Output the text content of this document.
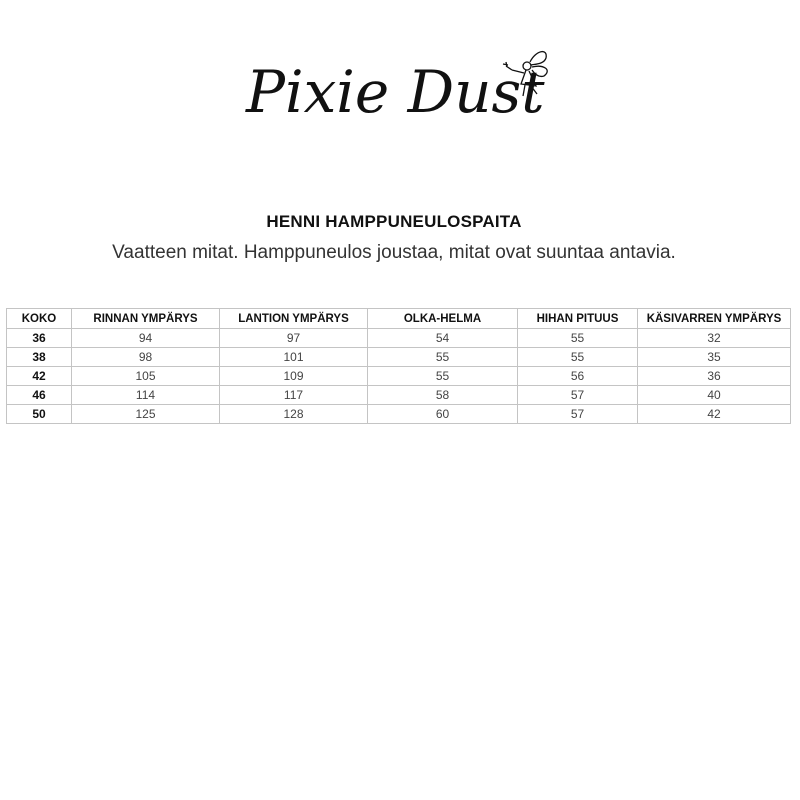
Pixie Dust
HENNI HAMPPUNEULOSPAITA
Vaatteen mitat. Hamppuneulos joustaa, mitat ovat suuntaa antavia.
KOKO	RINNAN YMPÄRYS	LANTION YMPÄRYS	OLKA-HELMA	HIHAN PITUUS	KÄSIVARREN YMPÄRYS
36	94	97	54	55	32
38	98	101	55	55	35
42	105	109	55	56	36
46	114	117	58	57	40
50	125	128	60	57	42
